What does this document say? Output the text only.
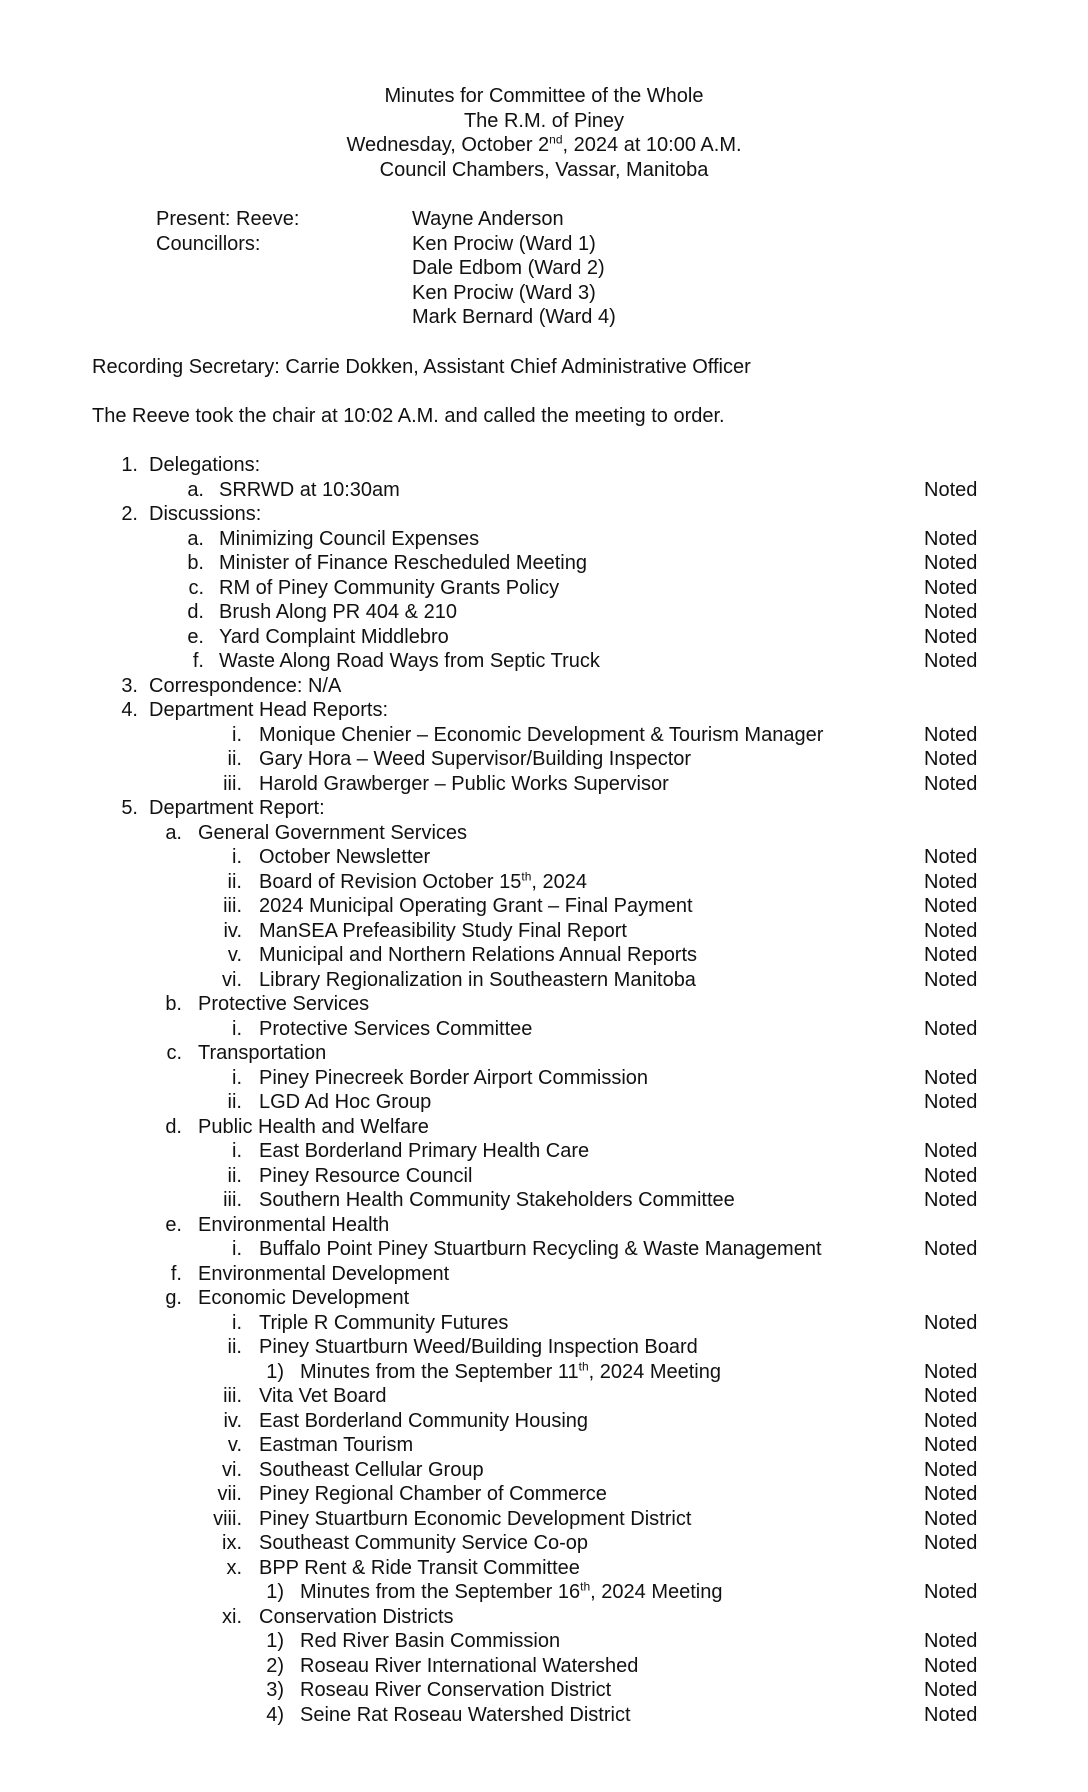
Minutes for Committee of the Whole
The R.M. of Piney
Wednesday, October 2nd, 2024 at 10:00 A.M.
Council Chambers, Vassar, Manitoba
Present: Reeve:	Wayne Anderson
Councillors:	Ken Prociw (Ward 1)
Dale Edbom (Ward 2)
Ken Prociw (Ward 3)
Mark Bernard (Ward 4)
Recording Secretary: Carrie Dokken, Assistant Chief Administrative Officer
The Reeve took the chair at 10:02 A.M. and called the meeting to order.
1. Delegations:
a. SRRWD at 10:30am	Noted
2. Discussions:
a. Minimizing Council Expenses	Noted
b. Minister of Finance Rescheduled Meeting	Noted
c. RM of Piney Community Grants Policy	Noted
d. Brush Along PR 404 & 210	Noted
e. Yard Complaint Middlebro	Noted
f. Waste Along Road Ways from Septic Truck	Noted
3. Correspondence: N/A
4. Department Head Reports:
i. Monique Chenier – Economic Development & Tourism Manager	Noted
ii. Gary Hora – Weed Supervisor/Building Inspector	Noted
iii. Harold Grawberger – Public Works Supervisor	Noted
5. Department Report:
a. General Government Services
i. October Newsletter	Noted
ii. Board of Revision October 15th, 2024	Noted
iii. 2024 Municipal Operating Grant – Final Payment	Noted
iv. ManSEA Prefeasibility Study Final Report	Noted
v. Municipal and Northern Relations Annual Reports	Noted
vi. Library Regionalization in Southeastern Manitoba	Noted
b. Protective Services
i. Protective Services Committee	Noted
c. Transportation
i. Piney Pinecreek Border Airport Commission	Noted
ii. LGD Ad Hoc Group	Noted
d. Public Health and Welfare
i. East Borderland Primary Health Care	Noted
ii. Piney Resource Council	Noted
iii. Southern Health Community Stakeholders Committee	Noted
e. Environmental Health
i. Buffalo Point Piney Stuartburn Recycling & Waste Management	Noted
f. Environmental Development
g. Economic Development
i. Triple R Community Futures	Noted
ii. Piney Stuartburn Weed/Building Inspection Board
1) Minutes from the September 11th, 2024 Meeting	Noted
iii. Vita Vet Board	Noted
iv. East Borderland Community Housing	Noted
v. Eastman Tourism	Noted
vi. Southeast Cellular Group	Noted
vii. Piney Regional Chamber of Commerce	Noted
viii. Piney Stuartburn Economic Development District	Noted
ix. Southeast Community Service Co-op	Noted
x. BPP Rent & Ride Transit Committee
1) Minutes from the September 16th, 2024 Meeting	Noted
xi. Conservation Districts
1) Red River Basin Commission	Noted
2) Roseau River International Watershed	Noted
3) Roseau River Conservation District	Noted
4) Seine Rat Roseau Watershed District	Noted
